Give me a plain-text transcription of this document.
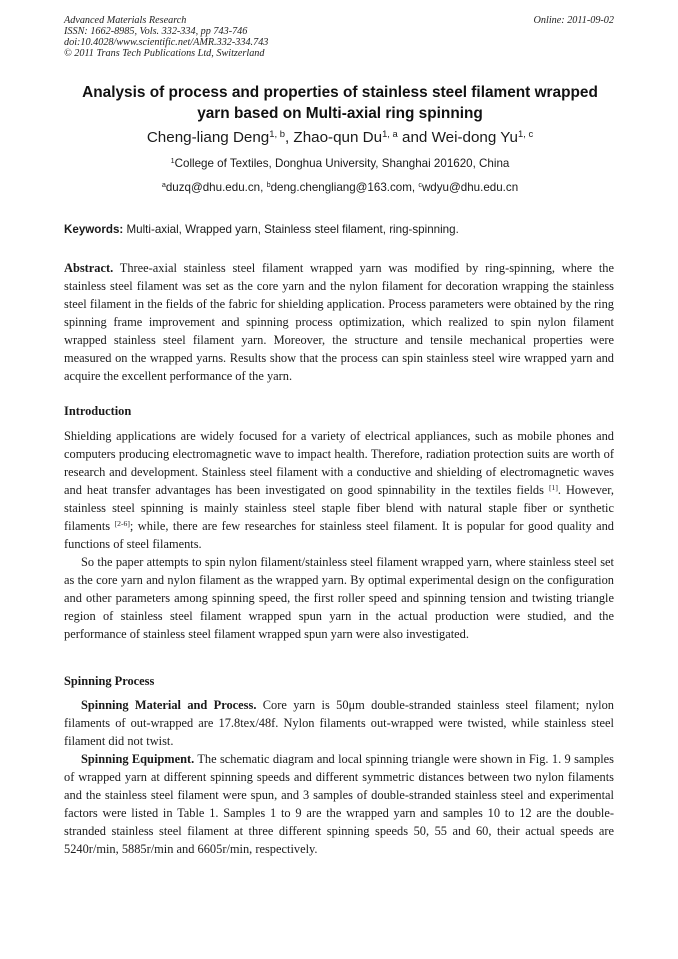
Advanced Materials Research
ISSN: 1662-8985, Vols. 332-334, pp 743-746
doi:10.4028/www.scientific.net/AMR.332-334.743
© 2011 Trans Tech Publications Ltd, Switzerland
Online: 2011-09-02
Analysis of process and properties of stainless steel filament wrapped
yarn based on Multi-axial ring spinning
Cheng-liang Deng$^{1, b}$, Zhao-qun Du$^{1, a}$ and Wei-dong Yu$^{1, c}$
$^1$College of Textiles, Donghua University, Shanghai 201620, China
$^a$duzq@dhu.edu.cn, $^b$deng.chengliang@163.com, $^c$wdyu@dhu.edu.cn
Keywords: Multi-axial, Wrapped yarn, Stainless steel filament, ring-spinning.

Abstract. Three-axial stainless steel filament wrapped yarn was modified by ring-spinning, where the stainless steel filament was set as the core yarn and the nylon filament for decoration wrapping the stainless steel filament in the fields of the fabric for shielding application. Process parameters were obtained by the ring spinning frame improvement and spinning process optimization, which realized to spin nylon filament wrapped stainless steel filament yarn. Moreover, the structure and tensile mechanical properties were measured on the wrapped yarns. Results show that the process can spin stainless steel wire wrapped yarn and acquire the excellent performance of the yarn.

Introduction

Shielding applications are widely focused for a variety of electrical appliances, such as mobile phones and computers producing electromagnetic wave to impact health. Therefore, radiation protection suits are worth of research and development. Stainless steel filament with a conductive and shielding of electromagnetic waves and heat transfer advantages has been investigated on good spinnability in the textiles fields [1]. However, stainless steel spinning is mainly stainless steel staple fiber blend with natural staple fiber or synthetic filaments [2-6]; while, there are few researches for stainless steel filament. It is popular for good quality and functions of steel filaments.

So the paper attempts to spin nylon filament/stainless steel filament wrapped yarn, where stainless steel set as the core yarn and nylon filament as the wrapped yarn. By optimal experimental design on the configuration and other parameters among spinning speed, the first roller speed and spinning tension and twisting triangle region of stainless steel filament wrapped spun yarn in the actual production were studied, and the performance of stainless steel filament wrapped spun yarn were also investigated.

Spinning Process

Spinning Material and Process. Core yarn is 50μm double-stranded stainless steel filament; nylon filaments of out-wrapped are 17.8tex/48f. Nylon filaments out-wrapped were twisted, while stainless steel filament did not twist.

Spinning Equipment. The schematic diagram and local spinning triangle were shown in Fig. 1. 9 samples of wrapped yarn at different spinning speeds and different symmetric distances between two nylon filaments and the stainless steel filament were spun, and 3 samples of double-stranded stainless steel and experimental factors were listed in Table 1. Samples 1 to 9 are the wrapped yarn and samples 10 to 12 are the double-stranded stainless steel filament at three different spinning speeds 50, 55 and 60, their actual speeds are 5240r/min, 5885r/min and 6605r/min, respectively.
